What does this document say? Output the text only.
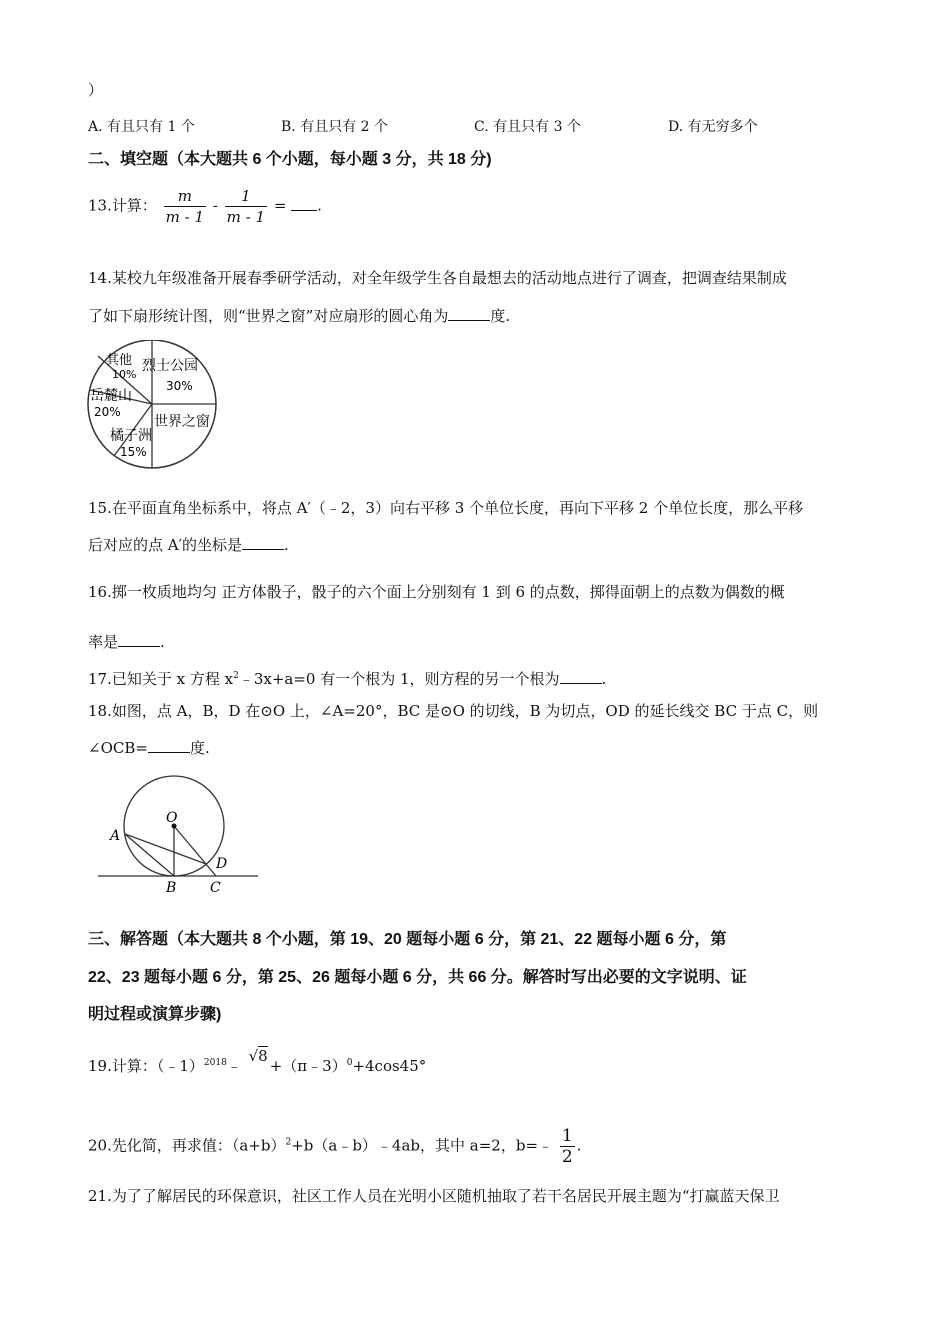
）
A. 有且只有 1 个	B. 有且只有 2 个	C. 有且只有 3 个	D. 有无穷多个
二、填空题（本大题共 6 个小题，每小题 3 分，共 18 分)
13.计算： $\frac{m}{m - 1} - \frac{1}{m - 1}$ = .
14.某校九年级准备开展春季研学活动，对全年级学生各自最想去的活动地点进行了调查，把调查结果制成
了如下扇形统计图，则“世界之窗”对应扇形的圆心角为	度.
其他
10%
烈士公园
30%
岳麓山
20%
世界之窗
橘子洲
15%
15.在平面直角坐标系中，将点 A′（﹣2，3）向右平移 3 个单位长度，再向下平移 2 个单位长度，那么平移
后对应的点 A′的坐标是	.
16.掷一枚质地均匀 正方体骰子，骰子的六个面上分别刻有 1 到 6 的点数，掷得面朝上的点数为偶数的概
率是	.
17.已知关于 x 方程 $x^2﹣3x+a=0$ 有一个根为 1，则方程的另一个根为	.
18.如图，点 A，B，D 在⊙O 上，∠A=20°，BC 是⊙O 的切线，B 为切点，OD 的延长线交 BC 于点 C，则
∠OCB=	度.
O
A
B C
D
三、解答题（本大题共 8 个小题，第 19、20 题每小题 6 分，第 21、22 题每小题 6 分，第
22、23 题每小题 6 分，第 25、26 题每小题 6 分，共 66 分。解答时写出必要的文字说明、证
明过程或演算步骤)
19.计算：（﹣1）$^{2018}$﹣ √8+（π﹣3）$^0$+4cos45°
20.先化简，再求值：$(a+b)^2+b(a﹣b)﹣4ab$，其中 a=2，b=﹣ $\frac{1}{2}$ .
21.为了了解居民的环保意识，社区工作人员在光明小区随机抽取了若干名居民开展主题为“打赢蓝天保卫
